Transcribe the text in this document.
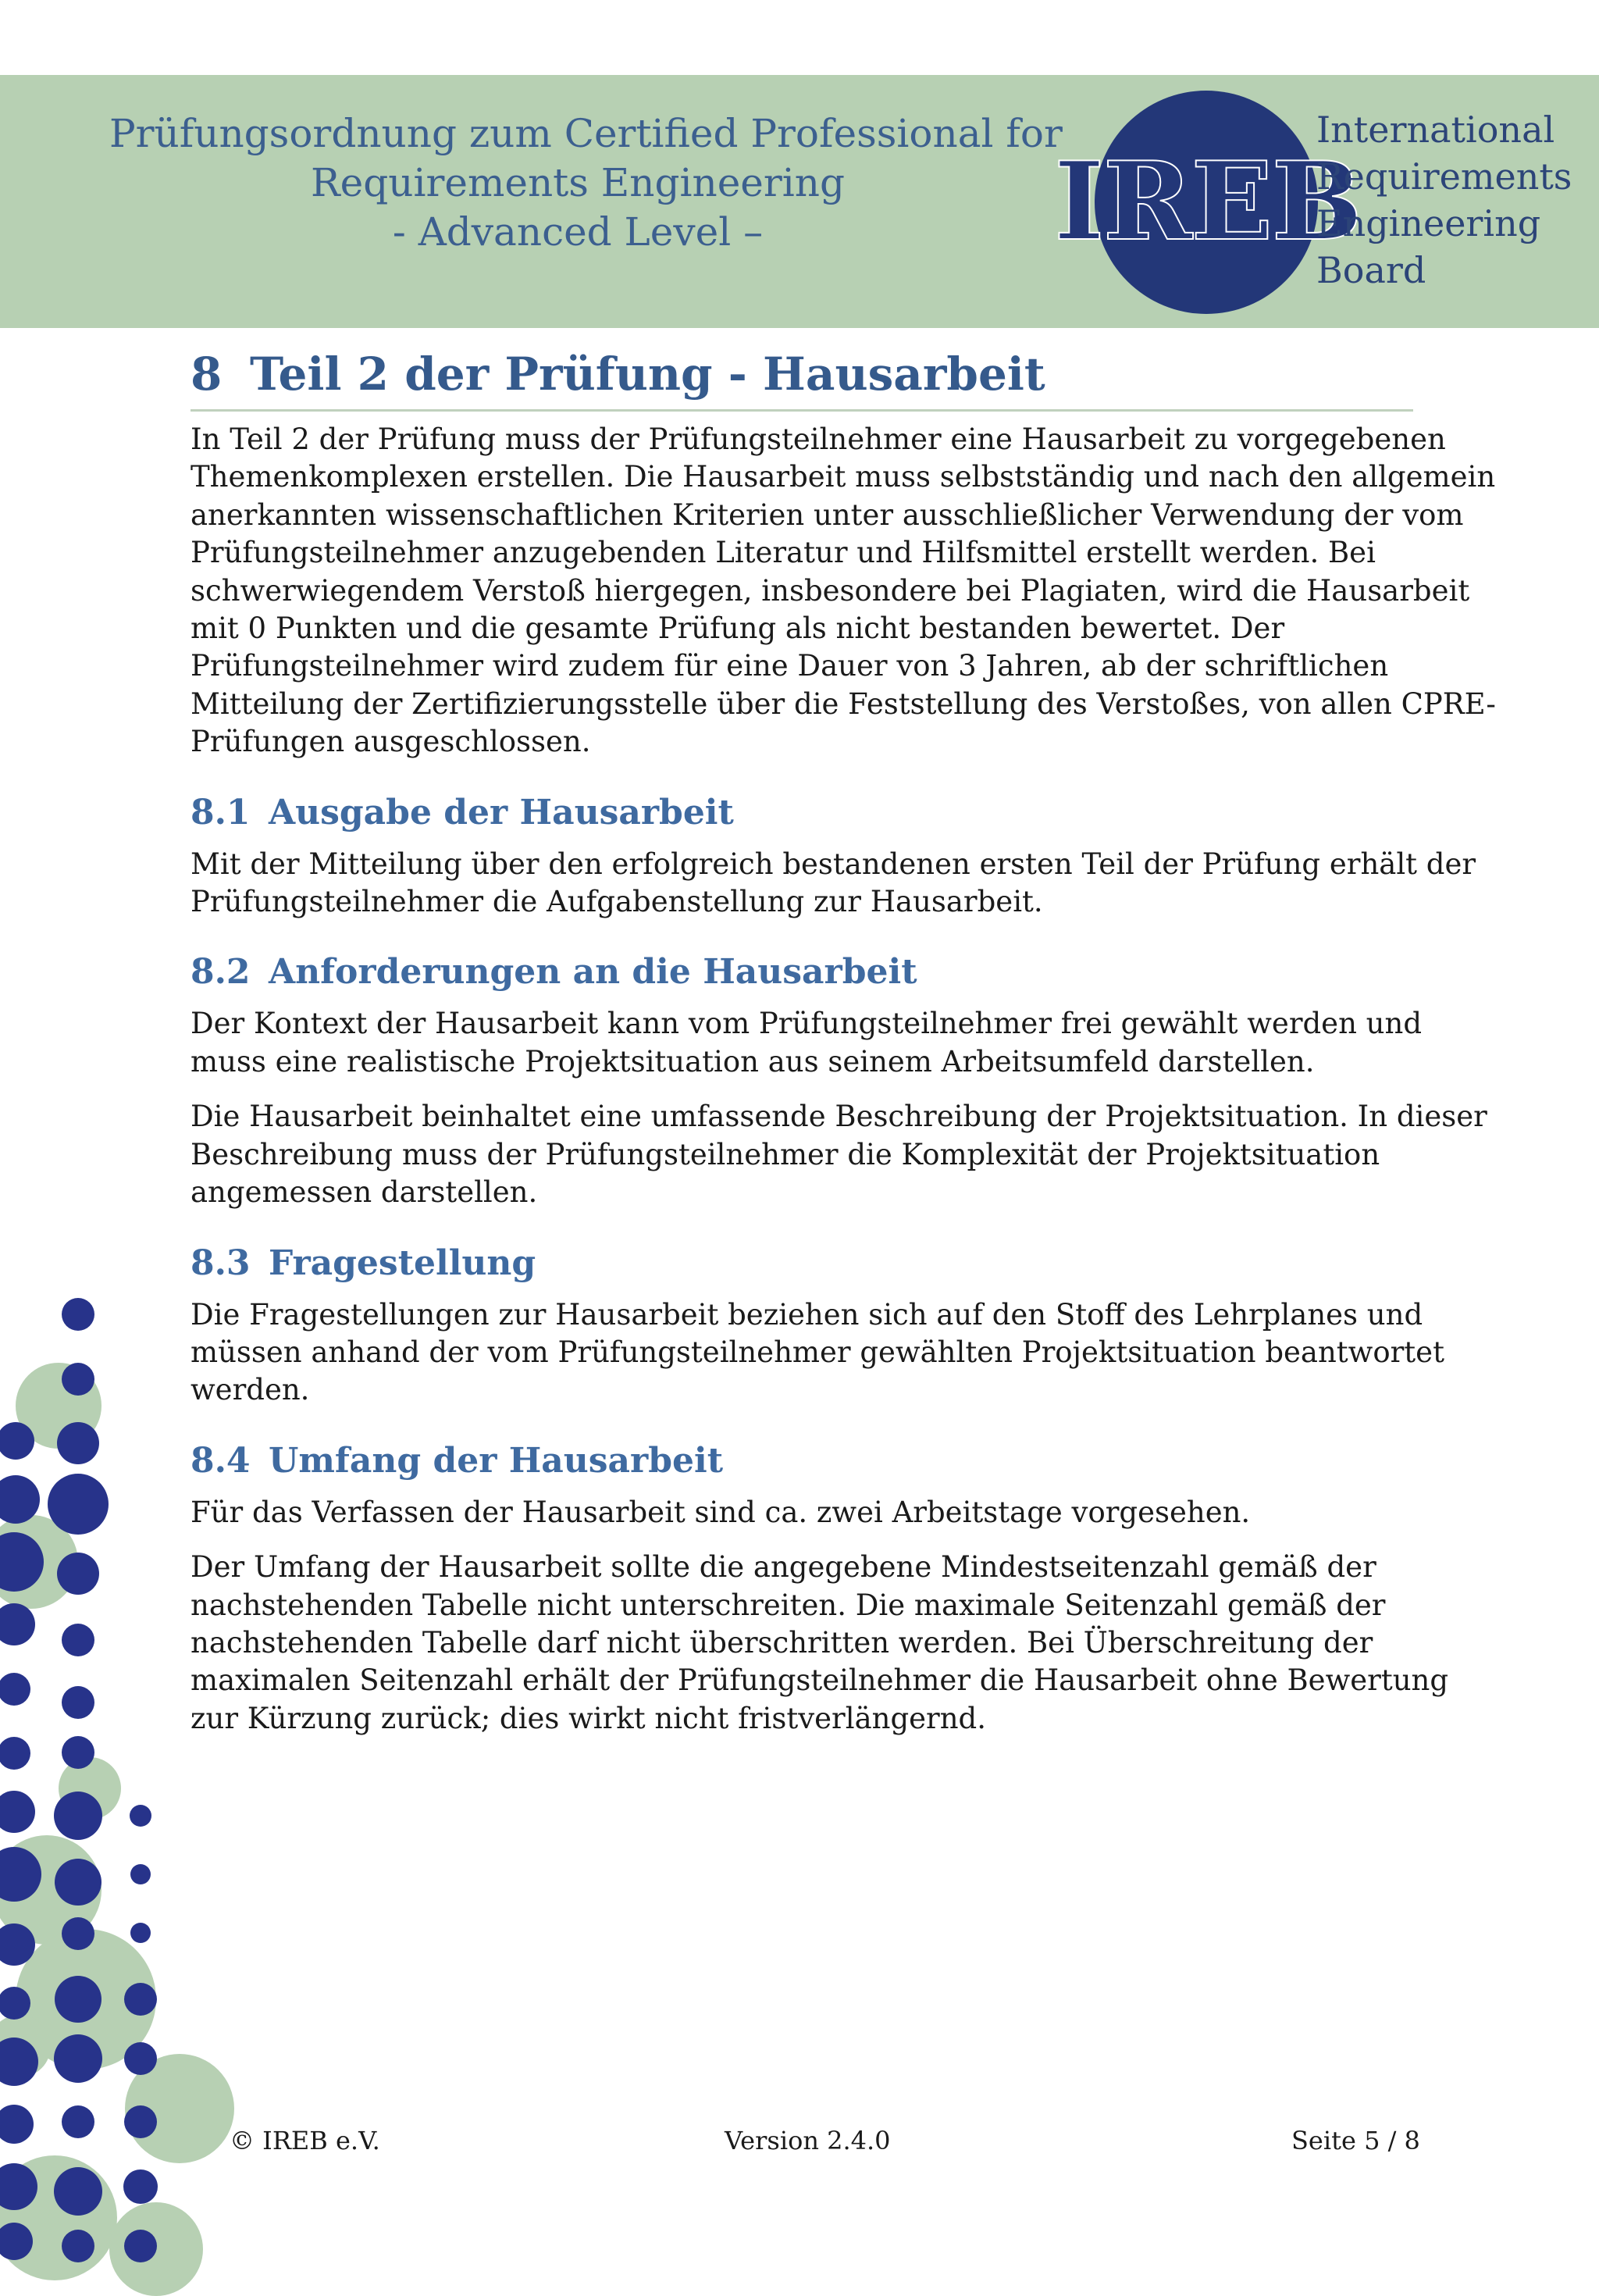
Prüfungsordnung zum Certified Professional for
Requirements Engineering
- Advanced Level –	IREB
International
Requirements
Engineering
Board
8 Teil 2 der Prüfung - Hausarbeit
In Teil 2 der Prüfung muss der Prüfungsteilnehmer eine Hausarbeit zu vorgegebenen
Themenkomplexen erstellen. Die Hausarbeit muss selbstständig und nach den allgemein
anerkannten wissenschaftlichen Kriterien unter ausschließlicher Verwendung der vom
Prüfungsteilnehmer anzugebenden Literatur und Hilfsmittel erstellt werden. Bei
schwerwiegendem Verstoß hiergegen, insbesondere bei Plagiaten, wird die Hausarbeit
mit 0 Punkten und die gesamte Prüfung als nicht bestanden bewertet. Der
Prüfungsteilnehmer wird zudem für eine Dauer von 3 Jahren, ab der schriftlichen
Mitteilung der Zertifizierungsstelle über die Feststellung des Verstoßes, von allen CPRE-
Prüfungen ausgeschlossen.
8.1 Ausgabe der Hausarbeit
Mit der Mitteilung über den erfolgreich bestandenen ersten Teil der Prüfung erhält der
Prüfungsteilnehmer die Aufgabenstellung zur Hausarbeit.
8.2 Anforderungen an die Hausarbeit
Der Kontext der Hausarbeit kann vom Prüfungsteilnehmer frei gewählt werden und
muss eine realistische Projektsituation aus seinem Arbeitsumfeld darstellen.
Die Hausarbeit beinhaltet eine umfassende Beschreibung der Projektsituation. In dieser
Beschreibung muss der Prüfungsteilnehmer die Komplexität der Projektsituation
angemessen darstellen.
8.3 Fragestellung
Die Fragestellungen zur Hausarbeit beziehen sich auf den Stoff des Lehrplanes und
müssen anhand der vom Prüfungsteilnehmer gewählten Projektsituation beantwortet
werden.
8.4 Umfang der Hausarbeit
Für das Verfassen der Hausarbeit sind ca. zwei Arbeitstage vorgesehen.
Der Umfang der Hausarbeit sollte die angegebene Mindestseitenzahl gemäß der
nachstehenden Tabelle nicht unterschreiten. Die maximale Seitenzahl gemäß der
nachstehenden Tabelle darf nicht überschritten werden. Bei Überschreitung der
maximalen Seitenzahl erhält der Prüfungsteilnehmer die Hausarbeit ohne Bewertung
zur Kürzung zurück; dies wirkt nicht fristverlängernd.
© IREB e.V.	Version 2.4.0	Seite 5 / 8
